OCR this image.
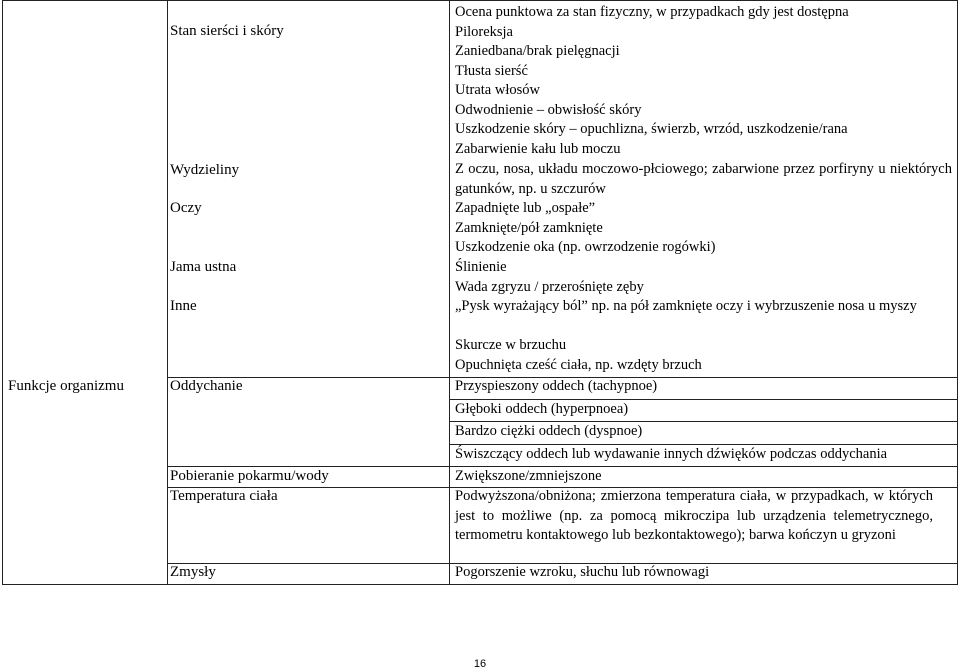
Stan sierści i skóry
Wydzieliny
Oczy
Jama ustna
Inne
Oddychanie
Pobieranie pokarmu/wody
Temperatura ciała
Zmysły
Funkcje organizmu
Ocena punktowa za stan fizyczny, w przypadkach gdy jest dostępna
Piloreksja
Zaniedbana/brak pielęgnacji
Tłusta sierść
Utrata włosów
Odwodnienie – obwisłość skóry
Uszkodzenie skóry – opuchlizna, świerzb, wrzód, uszkodzenie/rana
Zabarwienie kału lub moczu
Z oczu, nosa, układu moczowo-płciowego; zabarwione przez porfiryny u niektórych gatunków, np. u szczurów
Zapadnięte lub „ospałe”
Zamknięte/pół zamknięte
Uszkodzenie oka (np. owrzodzenie rogówki)
Ślinienie
Wada zgryzu / przerośnięte zęby
„Pysk wyrażający ból” np. na pół zamknięte oczy i wybrzuszenie nosa u myszy
Skurcze w brzuchu
Opuchnięta cześć ciała, np. wzdęty brzuch
Przyspieszony oddech (tachypnoe)
Głęboki oddech (hyperpnoea)
Bardzo ciężki oddech (dyspnoe)
Świszczący oddech lub wydawanie innych dźwięków podczas oddychania
Zwiększone/zmniejszone
Podwyższona/obniżona; zmierzona temperatura ciała, w przypadkach, w których jest to możliwe (np. za pomocą mikroczipa lub urządzenia telemetrycznego, termometru kontaktowego lub bezkontaktowego); barwa kończyn u gryzoni
Pogorszenie wzroku, słuchu lub równowagi
16
